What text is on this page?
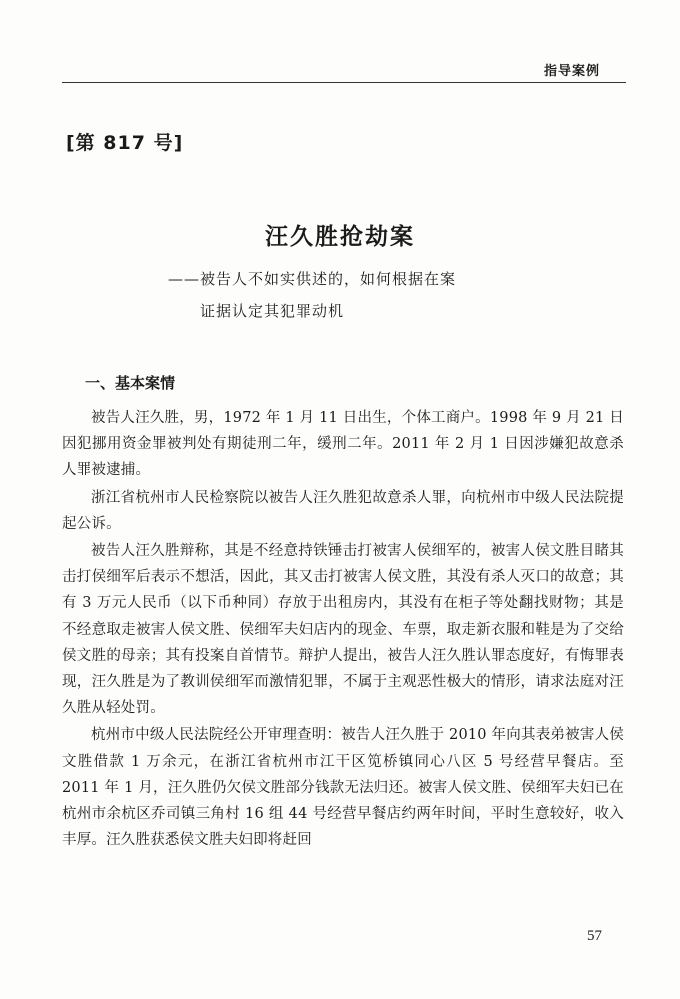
指导案例
[第 817 号]
汪久胜抢劫案
——被告人不如实供述的，如何根据在案
证据认定其犯罪动机
一、基本案情

被告人汪久胜，男，1972 年 1 月 11 日出生，个体工商户。1998 年 9 月 21 日因犯挪用资金罪被判处有期徒刑二年，缓刑二年。2011 年 2 月 1 日因涉嫌犯故意杀人罪被逮捕。

浙江省杭州市人民检察院以被告人汪久胜犯故意杀人罪，向杭州市中级人民法院提起公诉。

被告人汪久胜辩称，其是不经意持铁锤击打被害人侯细军的，被害人侯文胜目睹其击打侯细军后表示不想活，因此，其又击打被害人侯文胜，其没有杀人灭口的故意；其有 3 万元人民币（以下币种同）存放于出租房内，其没有在柜子等处翻找财物；其是不经意取走被害人侯文胜、侯细军夫妇店内的现金、车票，取走新衣服和鞋是为了交给侯文胜的母亲；其有投案自首情节。辩护人提出，被告人汪久胜认罪态度好，有悔罪表现，汪久胜是为了教训侯细军而激情犯罪，不属于主观恶性极大的情形，请求法庭对汪久胜从轻处罚。

杭州市中级人民法院经公开审理查明：被告人汪久胜于 2010 年向其表弟被害人侯文胜借款 1 万余元，在浙江省杭州市江干区笕桥镇同心八区 5 号经营早餐店。至 2011 年 1 月，汪久胜仍欠侯文胜部分钱款无法归还。被害人侯文胜、侯细军夫妇已在杭州市余杭区乔司镇三角村 16 组 44 号经营早餐店约两年时间，平时生意较好，收入丰厚。汪久胜获悉侯文胜夫妇即将赶回

57
